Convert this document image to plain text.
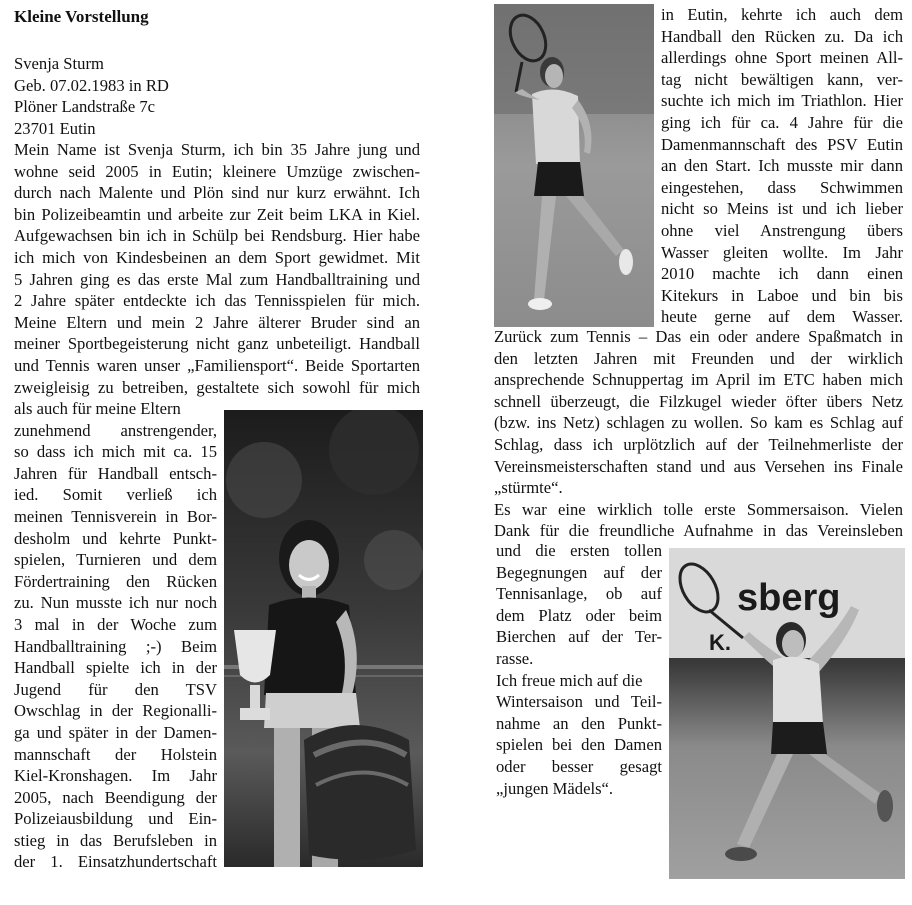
Kleine Vorstellung
Svenja Sturm
Geb. 07.02.1983 in RD
Plöner Landstraße 7c
23701 Eutin
Mein Name ist Svenja Sturm, ich bin 35 Jahre jung und
wohne seid 2005 in Eutin; kleinere Umzüge zwischen-
durch nach Malente und Plön sind nur kurz erwähnt. Ich
bin Polizeibeamtin und arbeite zur Zeit beim LKA in Kiel.
Aufgewachsen bin ich in Schülp bei Rendsburg. Hier habe
ich mich von Kindesbeinen an dem Sport gewidmet. Mit
5 Jahren ging es das erste Mal zum Handballtraining und
2 Jahre später entdeckte ich das Tennisspielen für mich.
Meine Eltern und mein 2 Jahre älterer Bruder sind an
meiner Sportbegeisterung nicht ganz unbeteiligt. Handball
und Tennis waren unser „Familiensport“. Beide Sportarten
zweigleisig zu betreiben, gestaltete sich sowohl für mich
als auch für meine Eltern
zunehmend anstrengender,
so dass ich mich mit ca. 15
Jahren für Handball entsch-
ied. Somit verließ ich
meinen Tennisverein in Bor-
desholm und kehrte Punkt-
spielen, Turnieren und dem
Fördertraining den Rücken
zu. Nun musste ich nur noch
3 mal in der Woche zum
Handballtraining ;-) Beim
Handball spielte ich in der
Jugend für den TSV
Owschlag in der Regionalli-
ga und später in der Damen-
mannschaft der Holstein
Kiel-Kronshagen. Im Jahr
2005, nach Beendigung der
Polizeiausbildung und Ein-
stieg in das Berufsleben in
der 1. Einsatzhundertschaft
in Eutin, kehrte ich auch dem
Handball den Rücken zu. Da ich
allerdings ohne Sport meinen All-
tag nicht bewältigen kann, ver-
suchte ich mich im Triathlon. Hier
ging ich für ca. 4 Jahre für die
Damenmannschaft des PSV Eutin
an den Start. Ich musste mir dann
eingestehen, dass Schwimmen
nicht so Meins ist und ich lieber
ohne viel Anstrengung übers
Wasser gleiten wollte. Im Jahr
2010 machte ich dann einen
Kitekurs in Laboe und bin bis
heute gerne auf dem Wasser.
Zurück zum Tennis – Das ein oder andere Spaßmatch in
den letzten Jahren mit Freunden und der wirklich
ansprechende Schnuppertag im April im ETC haben mich
schnell überzeugt, die Filzkugel wieder öfter übers Netz
(bzw. ins Netz) schlagen zu wollen. So kam es Schlag auf
Schlag, dass ich urplötzlich auf der Teilnehmerliste der
Vereinsmeisterschaften stand und aus Versehen ins Finale
„stürmte“.
Es war eine wirklich tolle erste Sommersaison. Vielen
Dank für die freundliche Aufnahme in das Vereinsleben
und die ersten tollen
Begegnungen auf der
Tennisanlage, ob auf
dem Platz oder beim
Bierchen auf der Ter-
rasse.
Ich freue mich auf die
Wintersaison und Teil-
nahme an den Punkt-
spielen bei den Damen
oder besser gesagt
„jungen Mädels“.
sberg
K.
